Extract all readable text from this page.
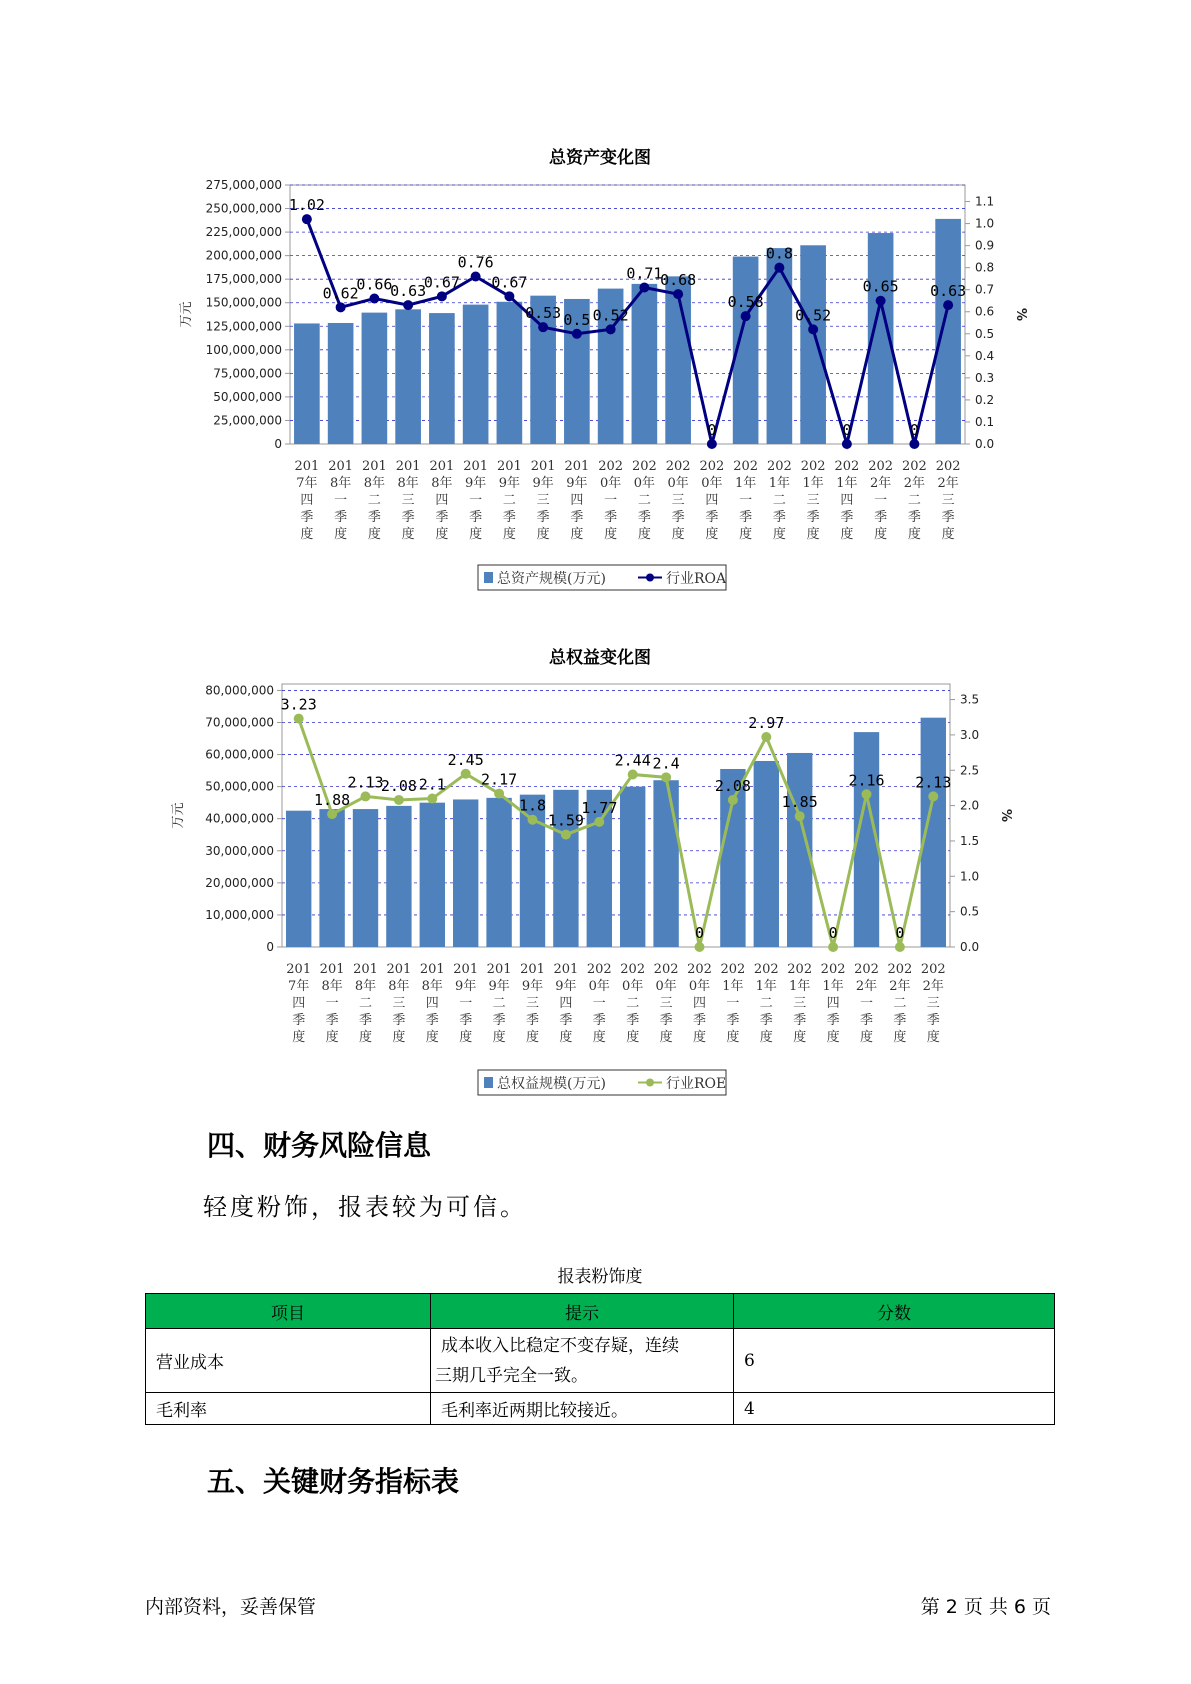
总资产变化图
0
25,000,000
50,000,000
75,000,000
100,000,000
125,000,000
150,000,000
175,000,000
200,000,000
225,000,000
250,000,000
275,000,000
0.0
0.1
0.2
0.3
0.4
0.5
0.6
0.7
0.8
0.9
1.0
1.1
万元	%
201
7年
四
季
度
201
8年
一
季
度
201
8年
二
季
度
201
8年
三
季
度
201
8年
四
季
度
201
9年
一
季
度
201
9年
二
季
度
201
9年
三
季
度
201
9年
四
季
度
202
0年
一
季
度
202
0年
二
季
度
202
0年
三
季
度
202
0年
四
季
度
202
1年
一
季
度
202
1年
二
季
度
202
1年
三
季
度
202
1年
四
季
度
202
2年
一
季
度
202
2年
二
季
度
202
2年
三
季
度
1.02
0.62
0.66
0.63
0.67
0.76
0.67
0.53 0.5 0.52
0.71
0.68
0
0.58
0.8
0.52
0
0.65
0
0.63
总资产规模(万元)	行业ROA
总权益变化图
0
10,000,000
20,000,000
30,000,000
40,000,000
50,000,000
60,000,000
70,000,000
80,000,000
0.0
0.5
1.0
1.5
2.0
2.5
3.0
3.5
万元	%
201
7年
四
季
度
201
8年
一
季
度
201
8年
二
季
度
201
8年
三
季
度
201
8年
四
季
度
201
9年
一
季
度
201
9年
二
季
度
201
9年
三
季
度
201
9年
四
季
度
202
0年
一
季
度
202
0年
二
季
度
202
0年
三
季
度
202
0年
四
季
度
202
1年
一
季
度
202
1年
二
季
度
202
1年
三
季
度
202
1年
四
季
度
202
2年
一
季
度
202
2年
二
季
度
202
2年
三
季
度
3.23
1.88
2.13
2.08 2.1
2.45
2.17
1.8
1.59
1.77
2.44 2.4
0
2.08
2.97
1.85
0
2.16
0
2.13
总权益规模(万元)	行业ROE
四、财务风险信息
轻度粉饰，报表较为可信。
报表粉饰度
项目	提示	分数
营业成本	成本收入比稳定不变存疑，连续
三期几乎完全一致。	6
毛利率	毛利率近两期比较接近。	4
五、关键财务指标表
内部资料，妥善保管	第 2 页 共 6 页
